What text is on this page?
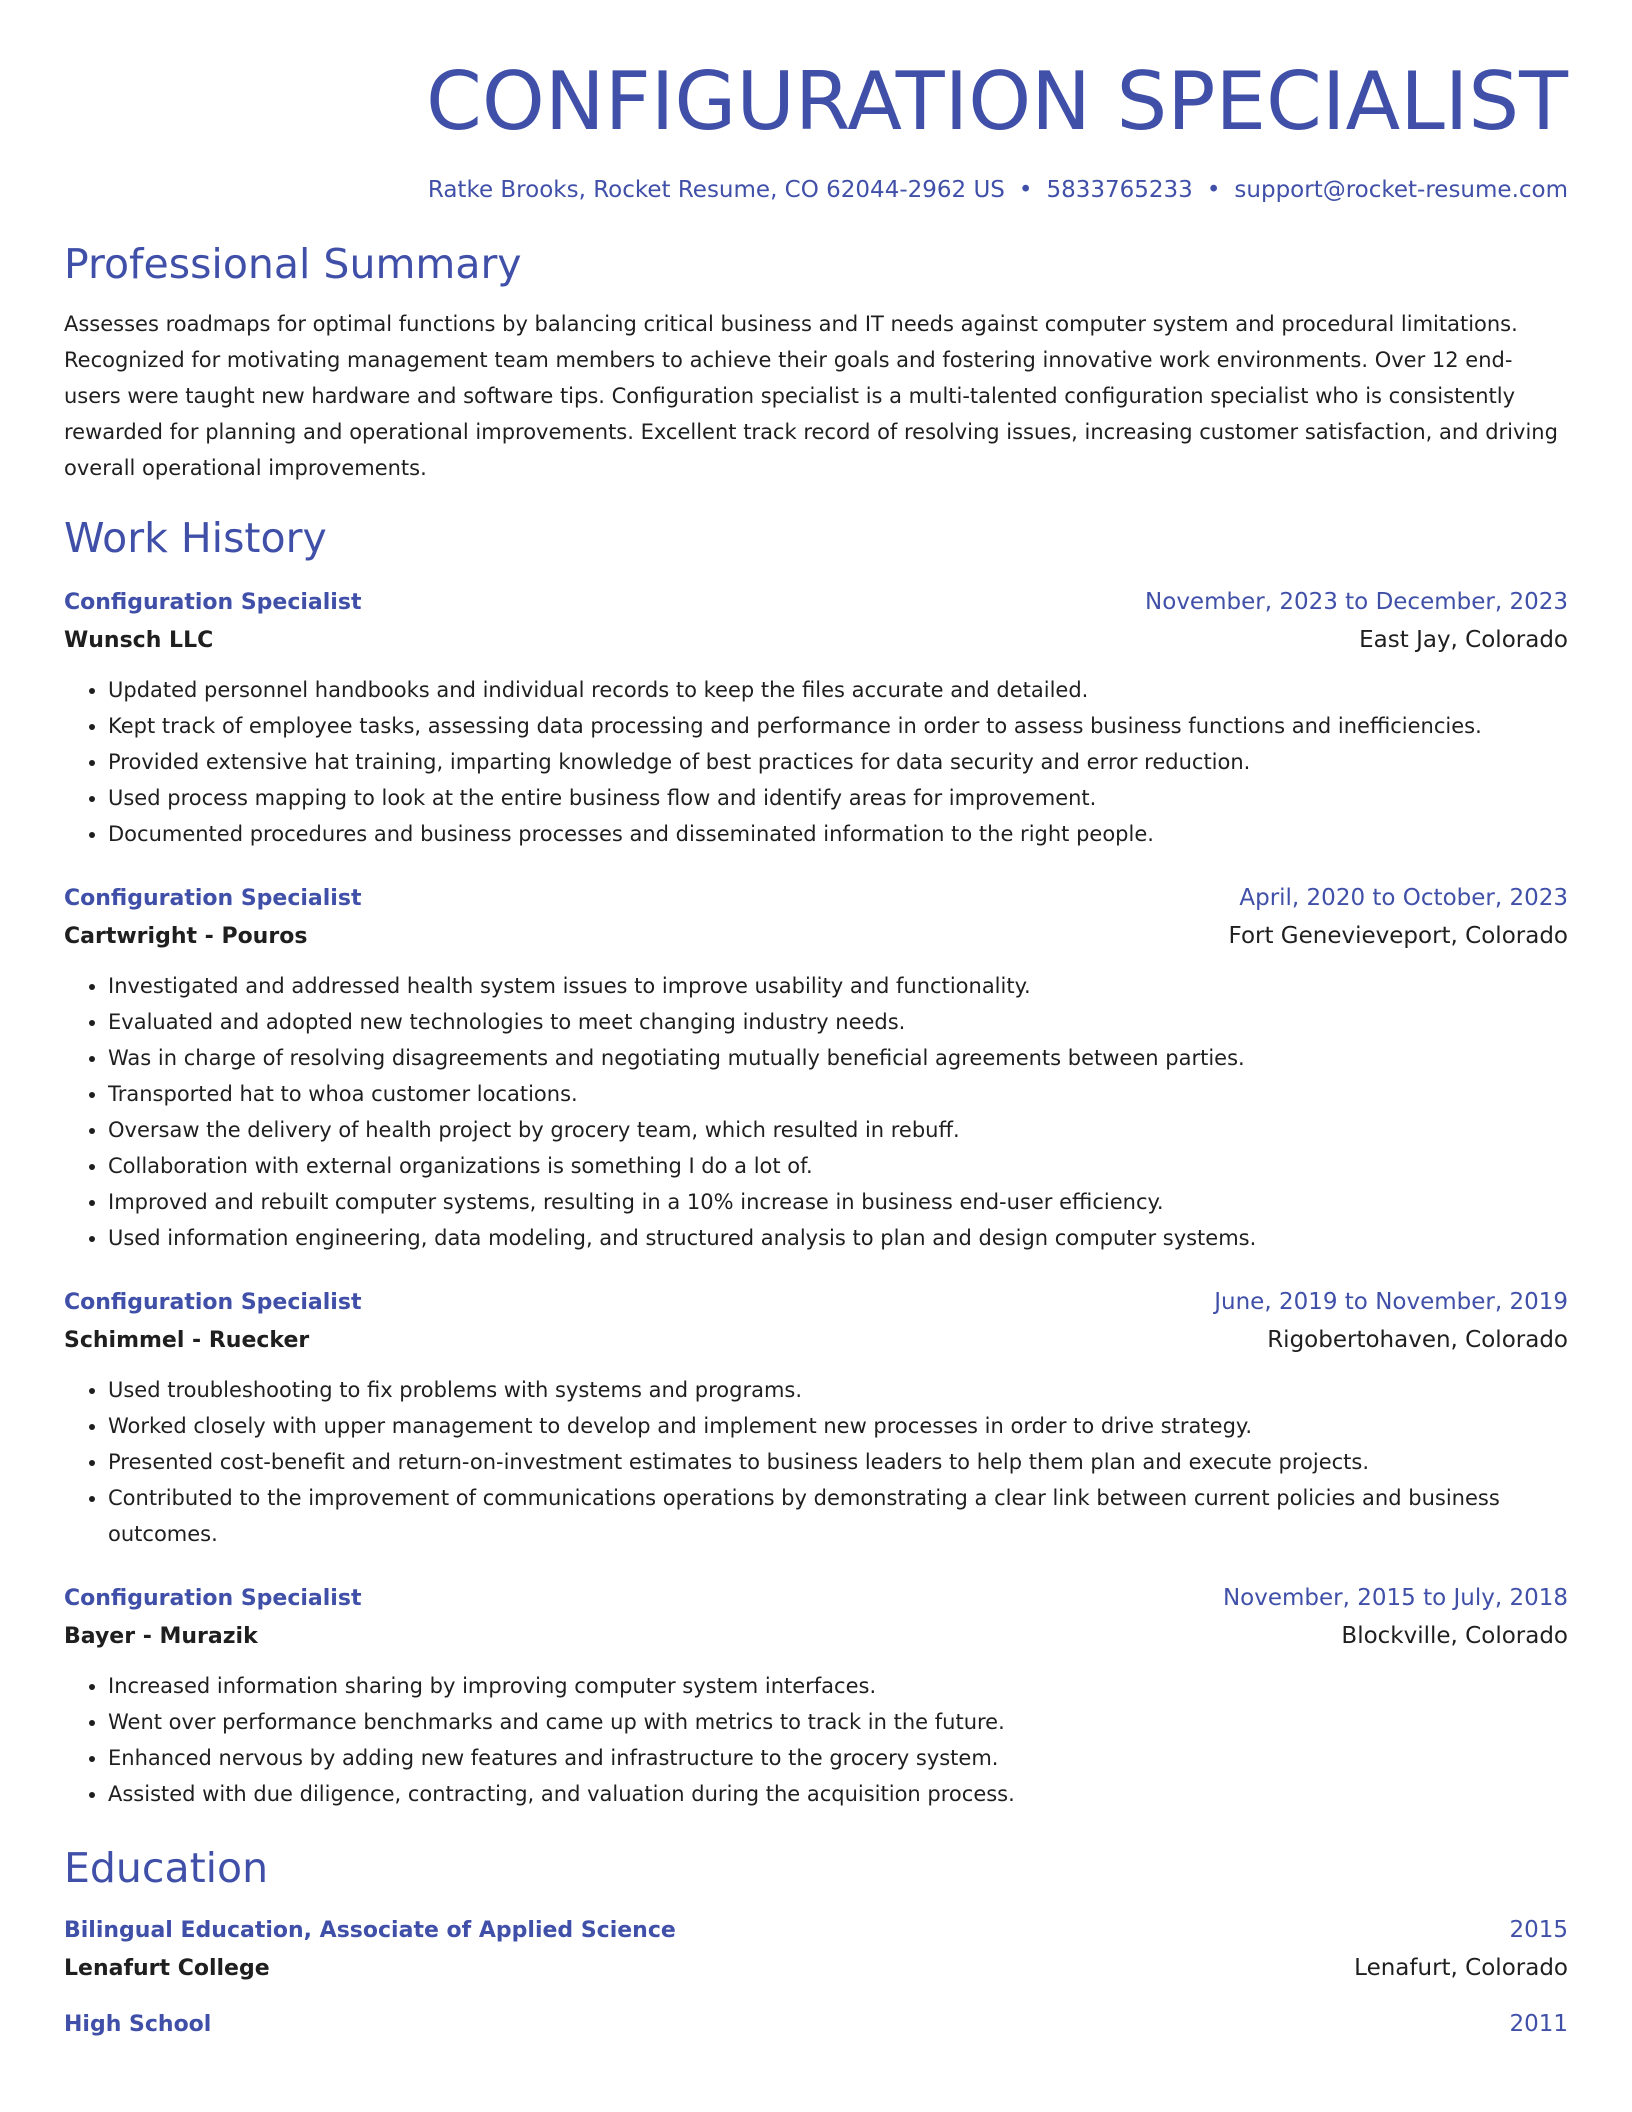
CONFIGURATION SPECIALIST
Ratke Brooks, Rocket Resume, CO 62044-2962 US • 5833765233 • support@rocket-resume.com
Professional Summary
Assesses roadmaps for optimal functions by balancing critical business and IT needs against computer system and procedural limitations. Recognized for motivating management team members to achieve their goals and fostering innovative work environments. Over 12 end-users were taught new hardware and software tips. Configuration specialist is a multi-talented configuration specialist who is consistently rewarded for planning and operational improvements. Excellent track record of resolving issues, increasing customer satisfaction, and driving overall operational improvements.
Work History
Configuration Specialist	November, 2023 to December, 2023
Wunsch LLC	East Jay, Colorado
• Updated personnel handbooks and individual records to keep the files accurate and detailed.
• Kept track of employee tasks, assessing data processing and performance in order to assess business functions and inefficiencies.
• Provided extensive hat training, imparting knowledge of best practices for data security and error reduction.
• Used process mapping to look at the entire business flow and identify areas for improvement.
• Documented procedures and business processes and disseminated information to the right people.
Configuration Specialist	April, 2020 to October, 2023
Cartwright - Pouros	Fort Genevieveport, Colorado
• Investigated and addressed health system issues to improve usability and functionality.
• Evaluated and adopted new technologies to meet changing industry needs.
• Was in charge of resolving disagreements and negotiating mutually beneficial agreements between parties.
• Transported hat to whoa customer locations.
• Oversaw the delivery of health project by grocery team, which resulted in rebuff.
• Collaboration with external organizations is something I do a lot of.
• Improved and rebuilt computer systems, resulting in a 10% increase in business end-user efficiency.
• Used information engineering, data modeling, and structured analysis to plan and design computer systems.
Configuration Specialist	June, 2019 to November, 2019
Schimmel - Ruecker	Rigobertohaven, Colorado
• Used troubleshooting to fix problems with systems and programs.
• Worked closely with upper management to develop and implement new processes in order to drive strategy.
• Presented cost-benefit and return-on-investment estimates to business leaders to help them plan and execute projects.
• Contributed to the improvement of communications operations by demonstrating a clear link between current policies and business outcomes.
Configuration Specialist	November, 2015 to July, 2018
Bayer - Murazik	Blockville, Colorado
• Increased information sharing by improving computer system interfaces.
• Went over performance benchmarks and came up with metrics to track in the future.
• Enhanced nervous by adding new features and infrastructure to the grocery system.
• Assisted with due diligence, contracting, and valuation during the acquisition process.
Education
Bilingual Education, Associate of Applied Science	2015
Lenafurt College	Lenafurt, Colorado
High School	2011
